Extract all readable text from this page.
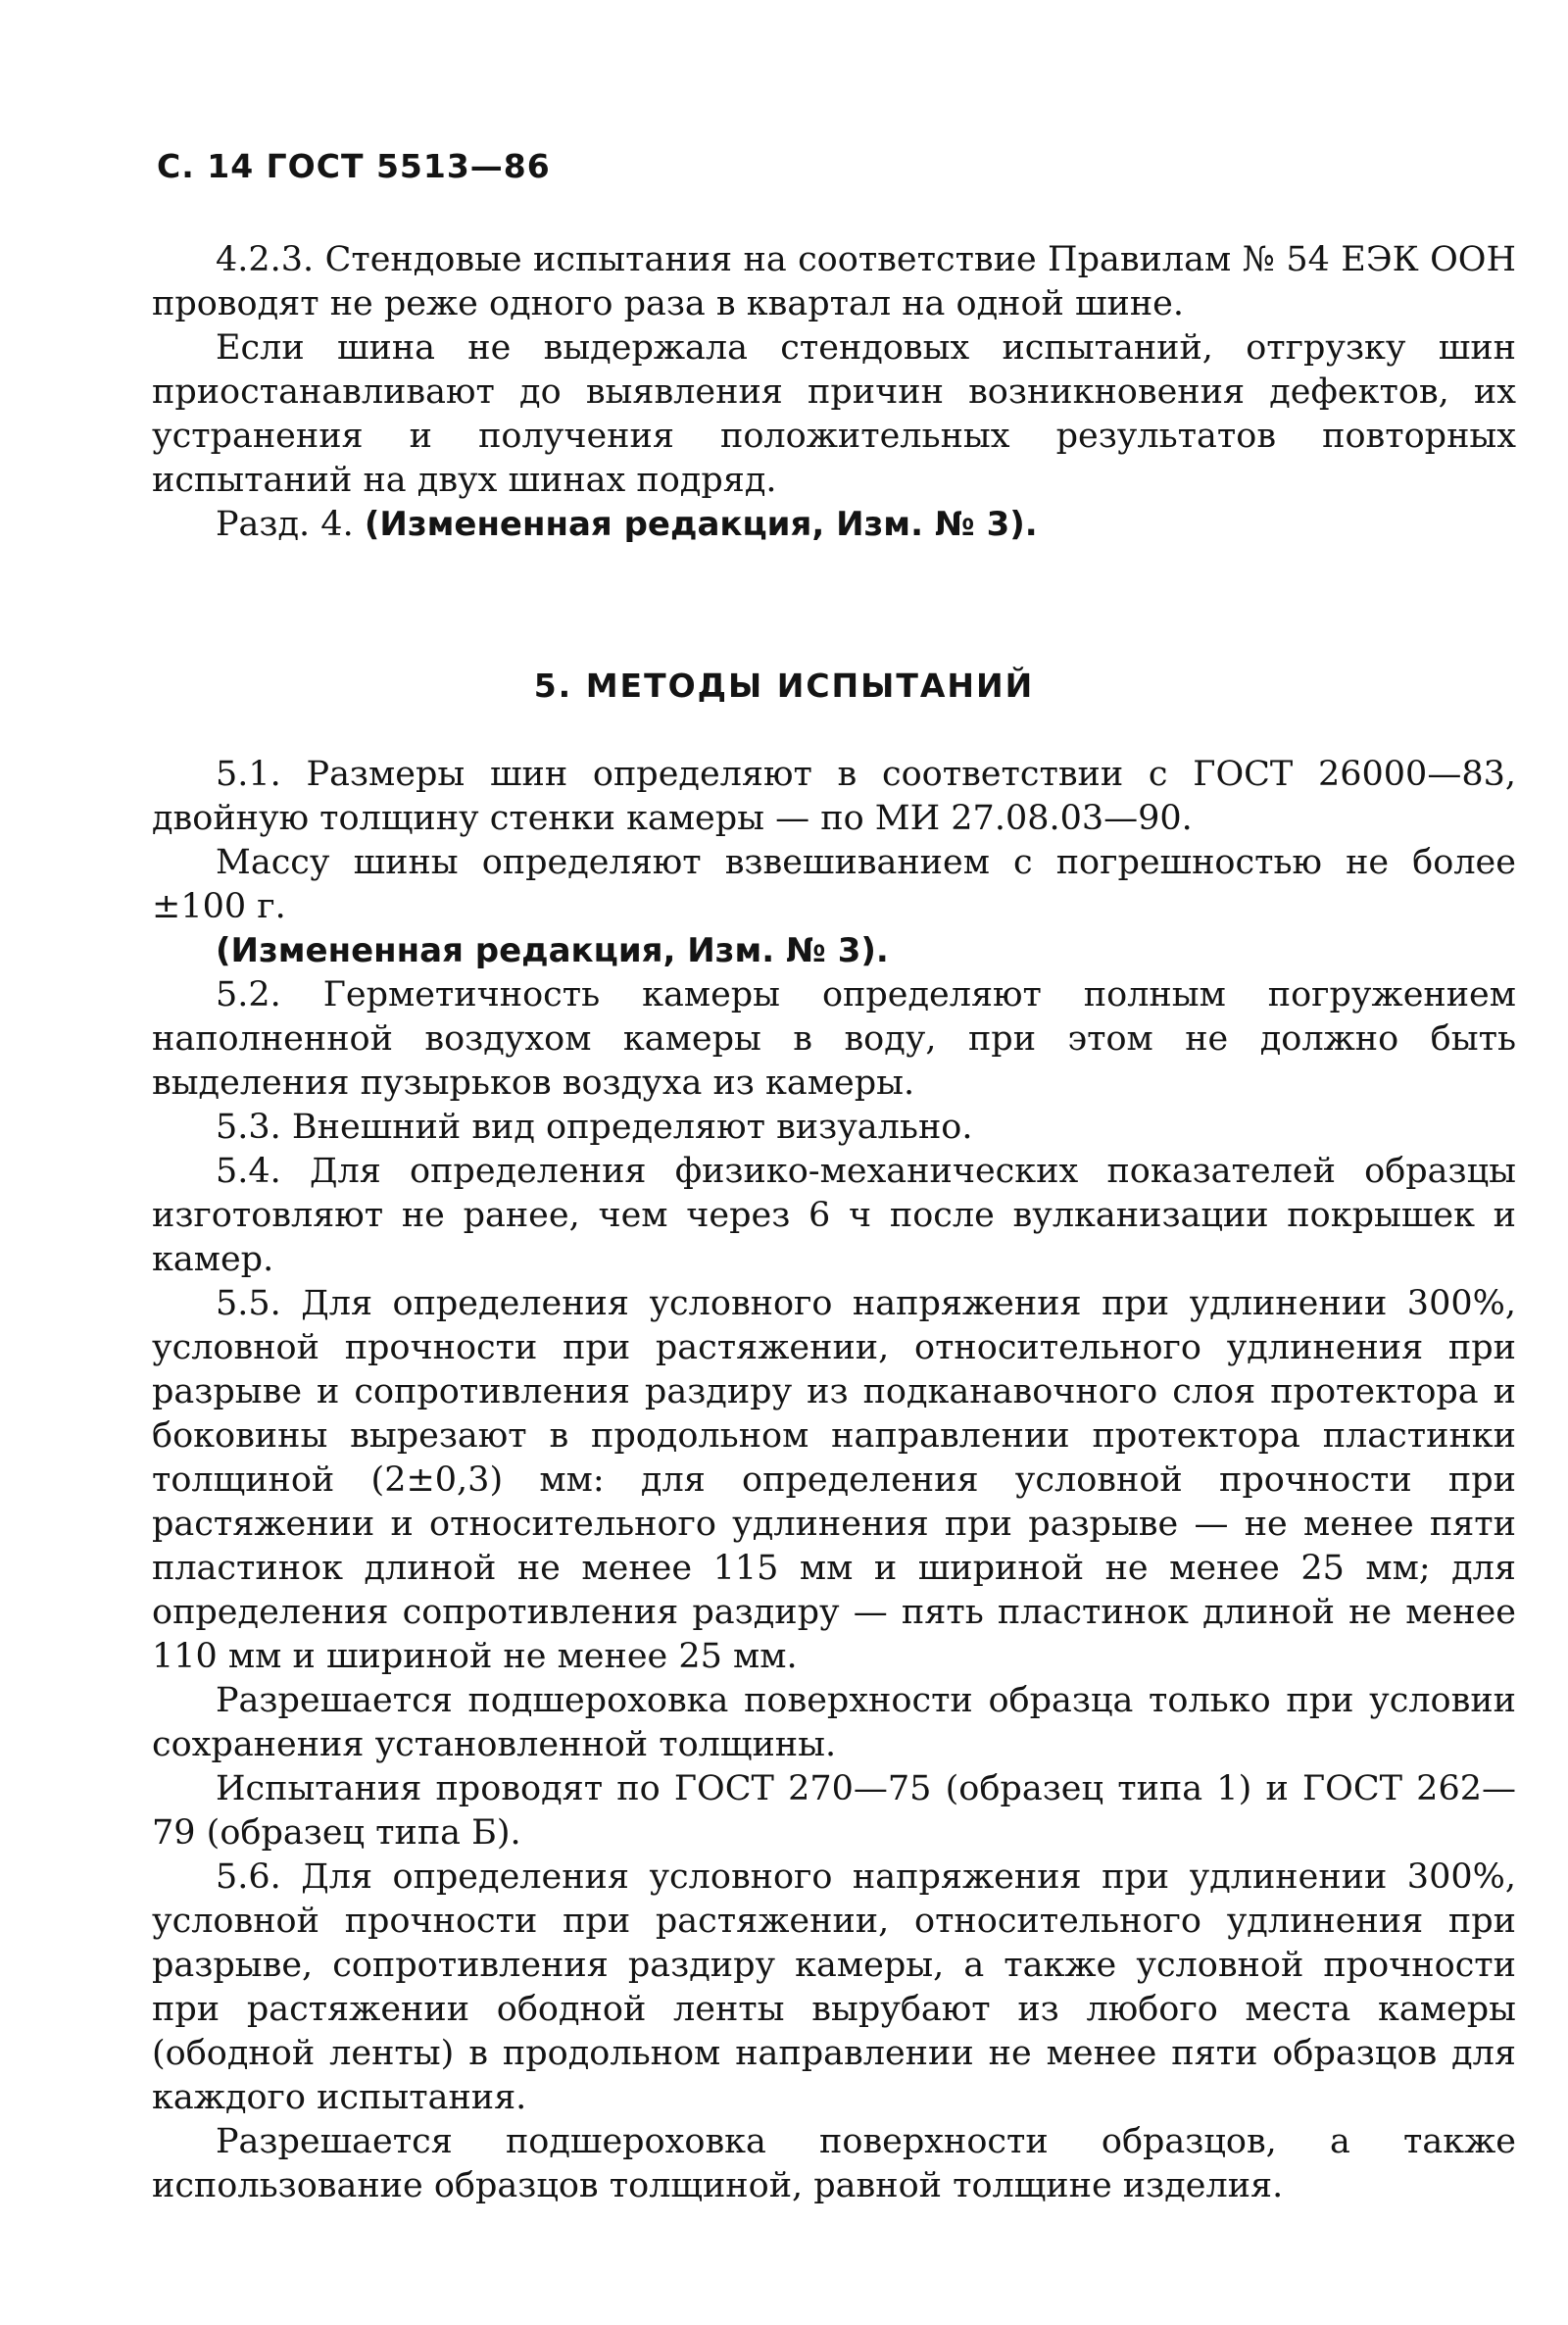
С. 14 ГОСТ 5513—86

4.2.3. Стендовые испытания на соответствие Правилам № 54 ЕЭК ООН проводят не реже одного раза в квартал на одной шине.

Если шина не выдержала стендовых испытаний, отгрузку шин приостанавливают до выявления причин возникновения дефектов, их устранения и получения положительных результатов повторных испытаний на двух шинах подряд.

Разд. 4. (Измененная редакция, Изм. № 3).

5. МЕТОДЫ ИСПЫТАНИЙ

5.1. Размеры шин определяют в соответствии с ГОСТ 26000—83, двойную толщину стенки камеры — по МИ 27.08.03—90.

Массу шины определяют взвешиванием с погрешностью не более ±100 г.

(Измененная редакция, Изм. № 3).

5.2. Герметичность камеры определяют полным погружением наполненной воздухом камеры в воду, при этом не должно быть выделения пузырьков воздуха из камеры.

5.3. Внешний вид определяют визуально.

5.4. Для определения физико-механических показателей образцы изготовляют не ранее, чем через 6 ч после вулканизации покрышек и камер.

5.5. Для определения условного напряжения при удлинении 300%, условной прочности при растяжении, относительного удлинения при разрыве и сопротивления раздиру из подканавочного слоя протектора и боковины вырезают в продольном направлении протектора пластинки толщиной (2±0,3) мм: для определения условной прочности при растяжении и относительного удлинения при разрыве — не менее пяти пластинок длиной не менее 115 мм и шириной не менее 25 мм; для определения сопротивления раздиру — пять пластинок длиной не менее 110 мм и шириной не менее 25 мм.

Разрешается подшероховка поверхности образца только при условии сохранения установленной толщины.

Испытания проводят по ГОСТ 270—75 (образец типа 1) и ГОСТ 262—79 (образец типа Б).

5.6. Для определения условного напряжения при удлинении 300%, условной прочности при растяжении, относительного удлинения при разрыве, сопротивления раздиру камеры, а также условной прочности при растяжении ободной ленты вырубают из любого места камеры (ободной ленты) в продольном направлении не менее пяти образцов для каждого испытания.

Разрешается подшероховка поверхности образцов, а также использование образцов толщиной, равной толщине изделия.
